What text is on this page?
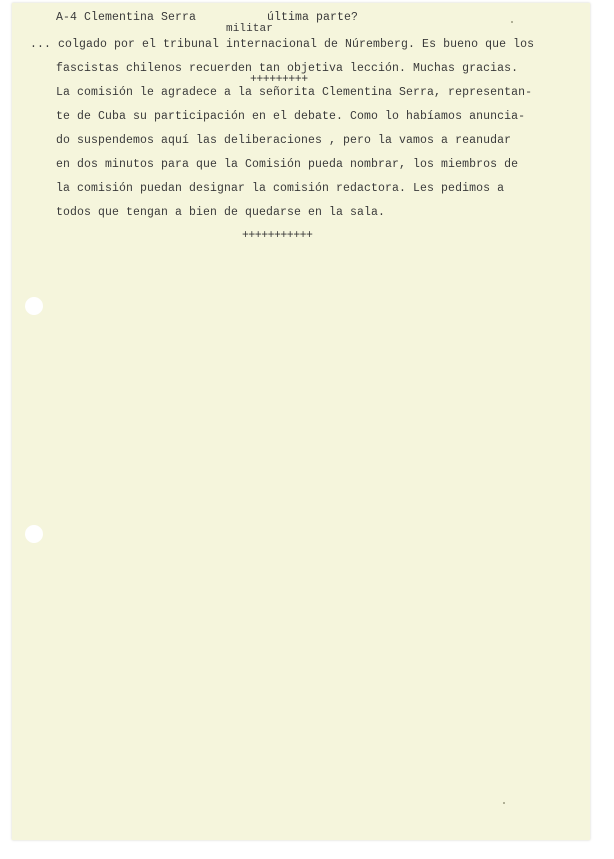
A-4 Clementina Serra	última parte?
militar
... colgado por el tribunal internacional de Núremberg. Es bueno que los
fascistas chilenos recuerden tan objetiva lección. Muchas gracias.
+++++++++
La comisión le agradece a la señorita Clementina Serra, representan-
te de Cuba su participación en el debate. Como lo habíamos anuncia-
do suspendemos aquí las deliberaciones , pero la vamos a reanudar
en dos minutos para que la Comisión pueda nombrar, los miembros de
la comisión puedan designar la comisión redactora. Les pedimos a
todos que tengan a bien de quedarse en la sala.
+++++++++++
